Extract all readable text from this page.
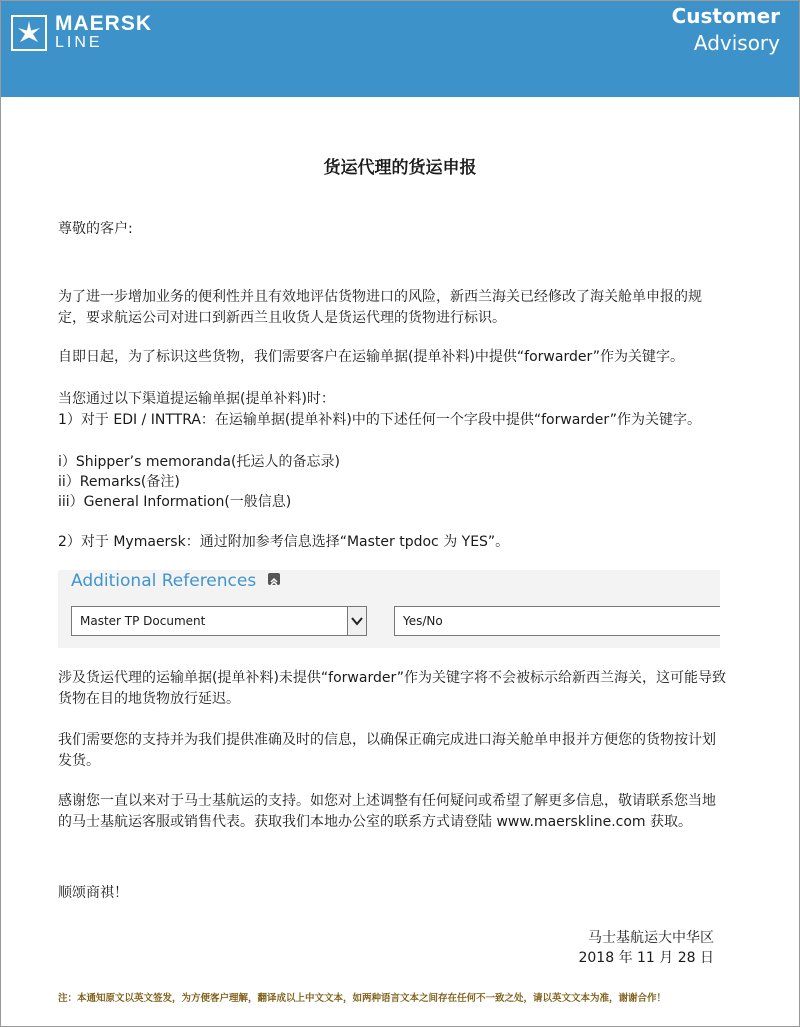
MAERSK
LINE
Customer
Advisory
货运代理的货运申报
尊敬的客户:
为了进一步增加业务的便利性并且有效地评估货物进口的风险，新西兰海关已经修改了海关舱单申报的规定，要求航运公司对进口到新西兰且收货人是货运代理的货物进行标识。
自即日起，为了标识这些货物，我们需要客户在运输单据(提单补料)中提供“forwarder”作为关键字。
当您通过以下渠道提运输单据(提单补料)时：
1）对于 EDI / INTTRA：在运输单据(提单补料)中的下述任何一个字段中提供“forwarder”作为关键字。
i）Shipper’s memoranda(托运人的备忘录)
ii）Remarks(备注)
iii）General Information(一般信息)
2）对于 Mymaersk：通过附加参考信息选择“Master tpdoc 为 YES”。
Additional References
Master TP Document	Yes/No
涉及货运代理的运输单据(提单补料)未提供“forwarder”作为关键字将不会被标示给新西兰海关，这可能导致货物在目的地货物放行延迟。
我们需要您的支持并为我们提供准确及时的信息，以确保正确完成进口海关舱单申报并方便您的货物按计划发货。
感谢您一直以来对于马士基航运的支持。如您对上述调整有任何疑问或希望了解更多信息，敬请联系您当地的马士基航运客服或销售代表。获取我们本地办公室的联系方式请登陆 www.maerskline.com 获取。
顺颂商祺！
马士基航运大中华区
2018 年 11 月 28 日
注：本通知原文以英文签发，为方便客户理解，翻译成以上中文文本，如两种语言文本之间存在任何不一致之处，请以英文文本为准，谢谢合作！
